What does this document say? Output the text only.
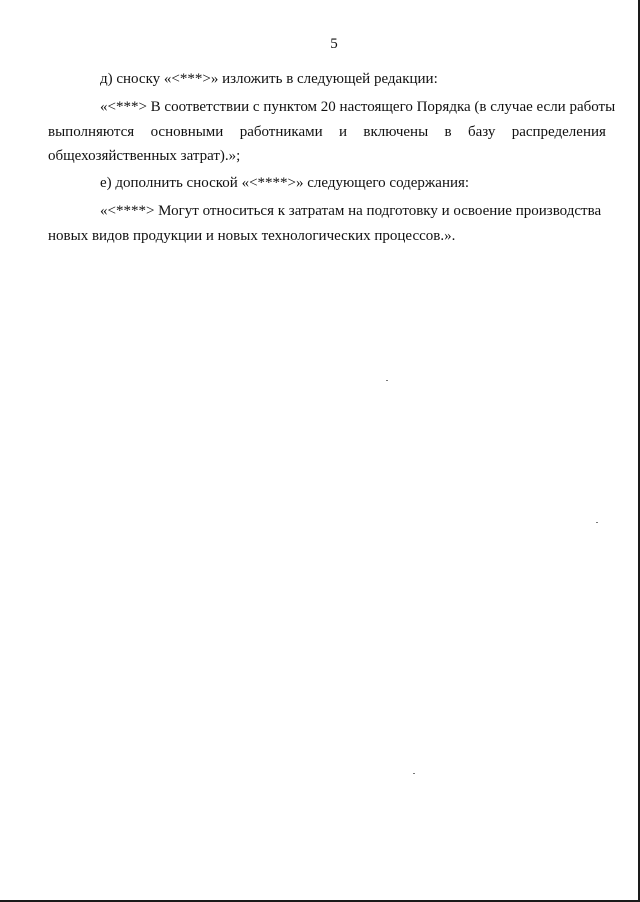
5
д) сноску «<***>» изложить в следующей редакции:
«<***> В соответствии с пунктом 20 настоящего Порядка (в случае если работы
выполняются основными работниками и включены в базу распределения
общехозяйственных затрат).»;
е) дополнить сноской «<****>» следующего содержания:
«<****> Могут относиться к затратам на подготовку и освоение производства
новых видов продукции и новых технологических процессов.».
